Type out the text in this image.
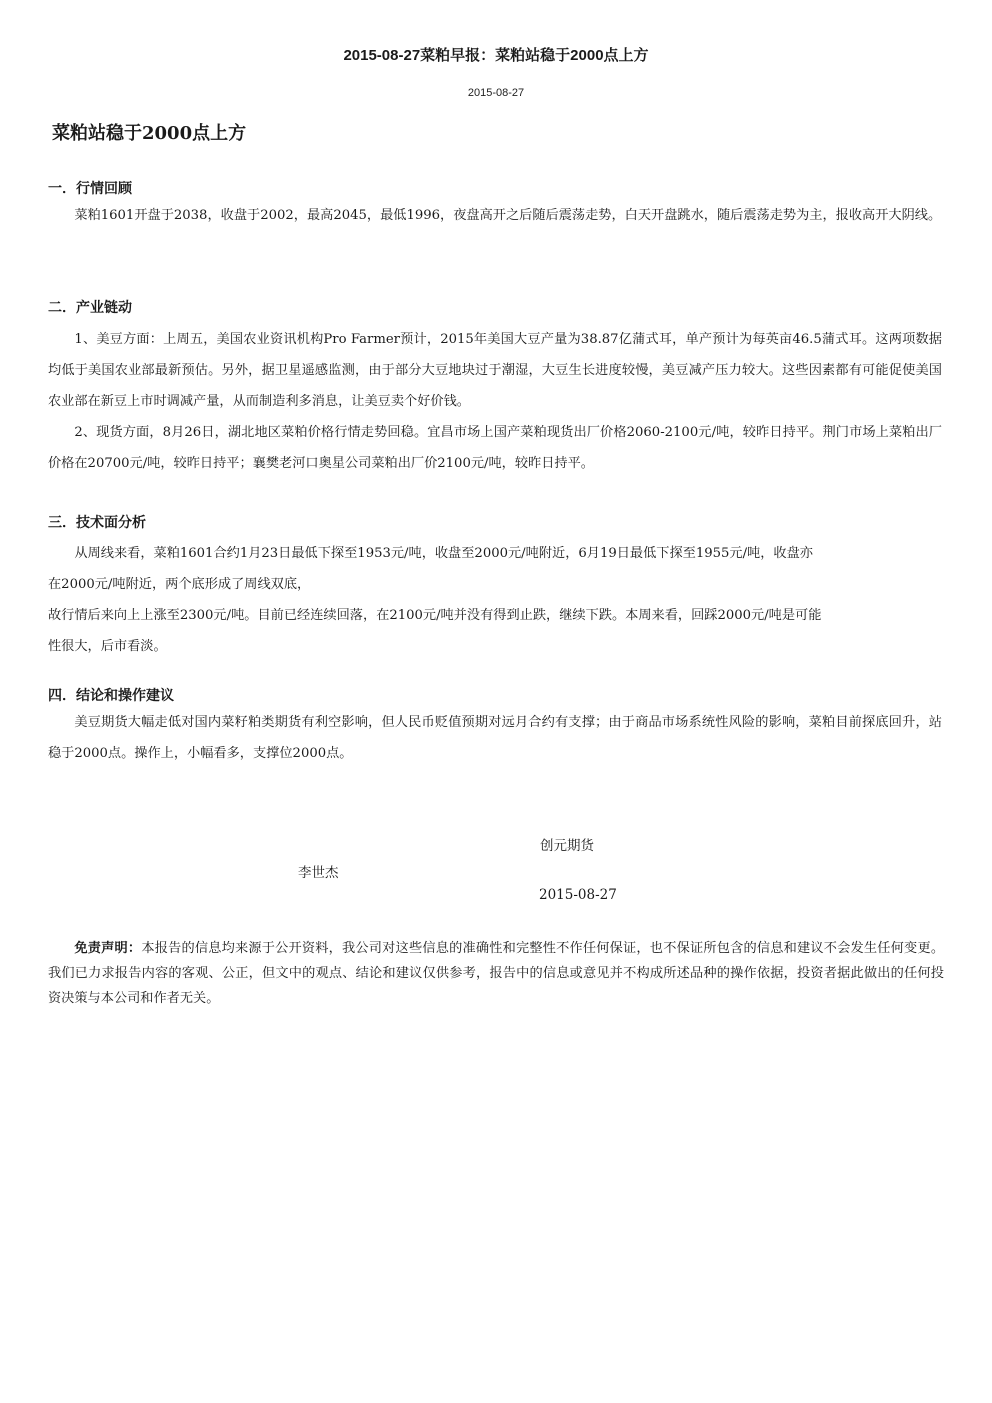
2015-08-27菜粕早报：菜粕站稳于2000点上方
2015-08-27
菜粕站稳于2000点上方
一．行情回顾
菜粕1601开盘于2038，收盘于2002，最高2045，最低1996，夜盘高开之后随后震荡走势，白天开盘跳水，随后震荡走势为主，报收高开大阴线。
二．产业链动
1、美豆方面：上周五，美国农业资讯机构Pro Farmer预计，2015年美国大豆产量为38.87亿蒲式耳，单产预计为每英亩46.5蒲式耳。这两项数据均低于美国农业部最新预估。另外，据卫星遥感监测，由于部分大豆地块过于潮湿，大豆生长进度较慢，美豆减产压力较大。这些因素都有可能促使美国农业部在新豆上市时调减产量，从而制造利多消息，让美豆卖个好价钱。
2、现货方面，8月26日，湖北地区菜粕价格行情走势回稳。宜昌市场上国产菜粕现货出厂价格2060-2100元/吨，较昨日持平。荆门市场上菜粕出厂价格在20700元/吨，较昨日持平；襄樊老河口奥星公司菜粕出厂价2100元/吨，较昨日持平。
三．技术面分析
从周线来看，菜粕1601合约1月23日最低下探至1953元/吨，收盘至2000元/吨附近，6月19日最低下探至1955元/吨，收盘亦
在2000元/吨附近，两个底形成了周线双底，
故行情后来向上上涨至2300元/吨。目前已经连续回落，在2100元/吨并没有得到止跌，继续下跌。本周来看，回踩2000元/吨是可能
性很大，后市看淡。
四．结论和操作建议
美豆期货大幅走低对国内菜籽粕类期货有利空影响，但人民币贬值预期对远月合约有支撑；由于商品市场系统性风险的影响，菜粕目前探底回升，站稳于2000点。操作上，小幅看多，支撑位2000点。
创元期货
李世杰
2015-08-27
免责声明：本报告的信息均来源于公开资料，我公司对这些信息的准确性和完整性不作任何保证，也不保证所包含的信息和建议不会发生任何变更。我们已力求报告内容的客观、公正，但文中的观点、结论和建议仅供参考，报告中的信息或意见并不构成所述品种的操作依据，投资者据此做出的任何投资决策与本公司和作者无关。
